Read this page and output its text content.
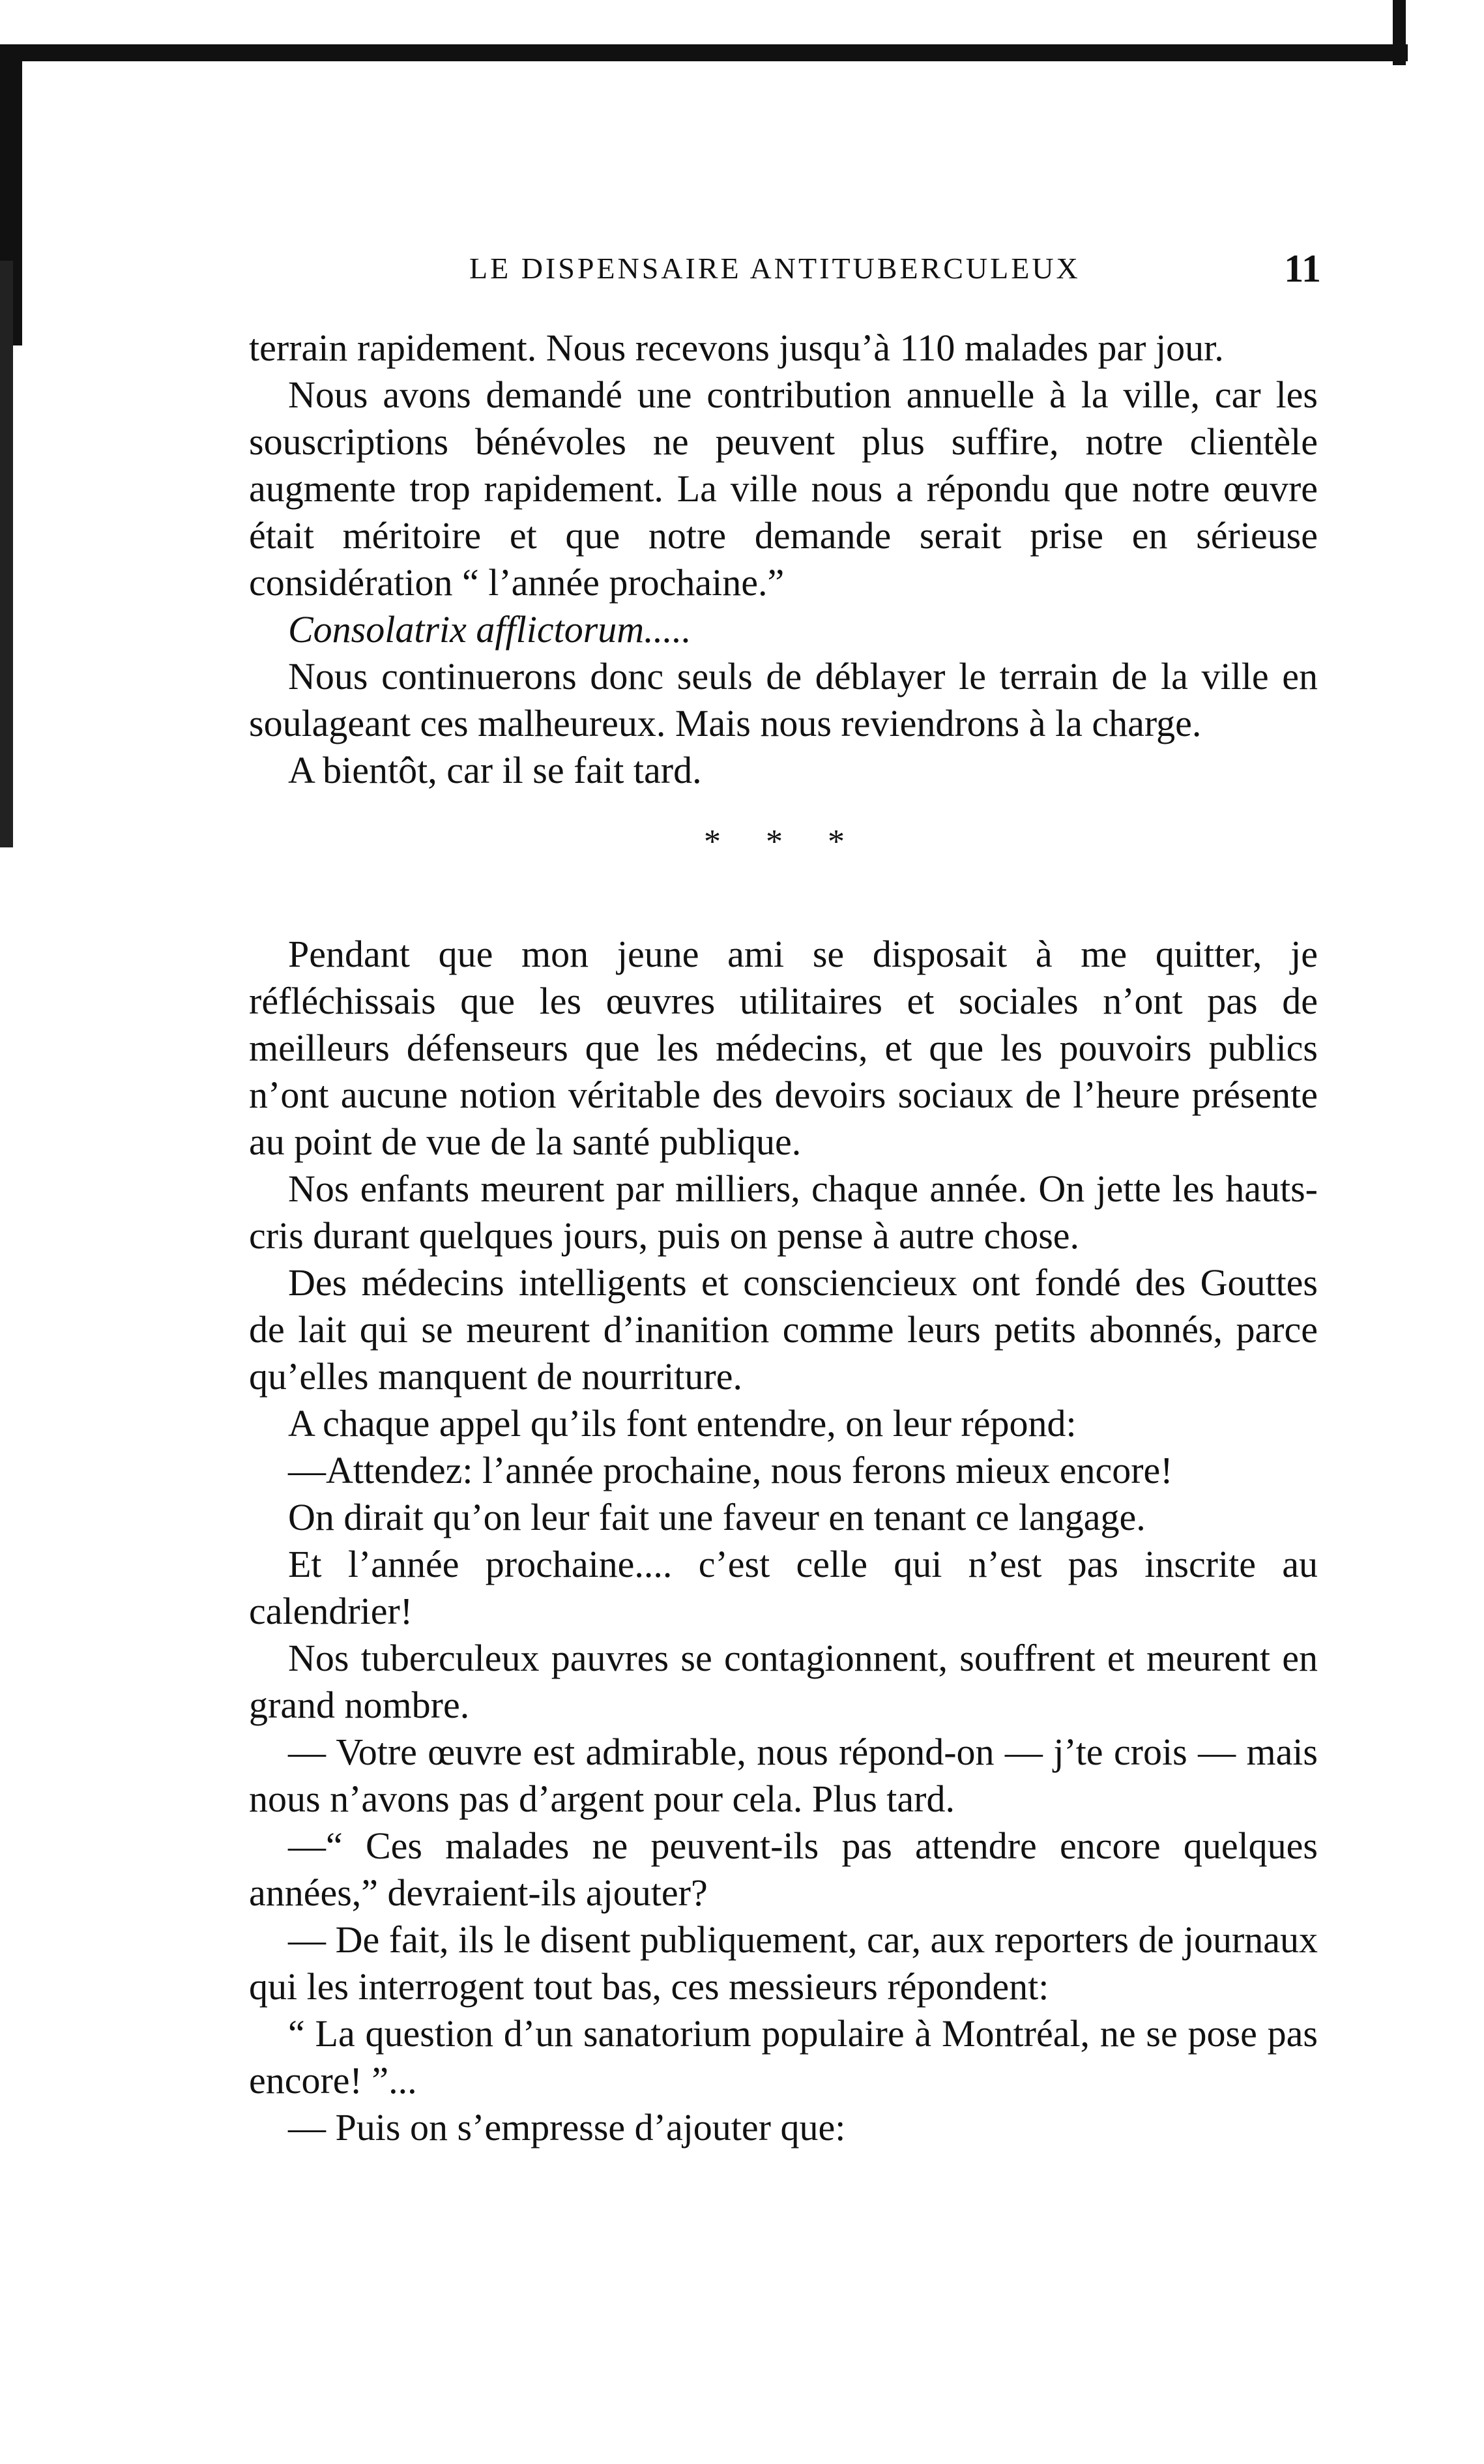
LE DISPENSAIRE ANTITUBERCULEUX	11

terrain rapidement. Nous recevons jusqu’à 110 malades par jour.

Nous avons demandé une contribution annuelle à la ville, car les souscriptions bénévoles ne peuvent plus suffire, notre clientèle augmente trop rapidement. La ville nous a répondu que notre œuvre était méritoire et que notre demande serait prise en sérieuse considération “ l’année prochaine.”

Consolatrix afflictorum.....

Nous continuerons donc seuls de déblayer le terrain de la ville en soulageant ces malheureux. Mais nous reviendrons à la charge.

A bientôt, car il se fait tard.

* * *

Pendant que mon jeune ami se disposait à me quitter, je réfléchissais que les œuvres utilitaires et sociales n’ont pas de meilleurs défenseurs que les médecins, et que les pouvoirs publics n’ont aucune notion véritable des devoirs sociaux de l’heure présente au point de vue de la santé publique.

Nos enfants meurent par milliers, chaque année. On jette les hauts-cris durant quelques jours, puis on pense à autre chose.

Des médecins intelligents et consciencieux ont fondé des Gouttes de lait qui se meurent d’inanition comme leurs petits abonnés, parce qu’elles manquent de nourriture.

A chaque appel qu’ils font entendre, on leur répond:

—Attendez: l’année prochaine, nous ferons mieux encore!

On dirait qu’on leur fait une faveur en tenant ce langage.

Et l’année prochaine.... c’est celle qui n’est pas inscrite au calendrier!

Nos tuberculeux pauvres se contagionnent, souffrent et meurent en grand nombre.

— Votre œuvre est admirable, nous répond-on — j’te crois — mais nous n’avons pas d’argent pour cela. Plus tard.

—“ Ces malades ne peuvent-ils pas attendre encore quelques années,” devraient-ils ajouter?

— De fait, ils le disent publiquement, car, aux reporters de journaux qui les interrogent tout bas, ces messieurs répondent:

“ La question d’un sanatorium populaire à Montréal, ne se pose pas encore! ”...

— Puis on s’empresse d’ajouter que:
